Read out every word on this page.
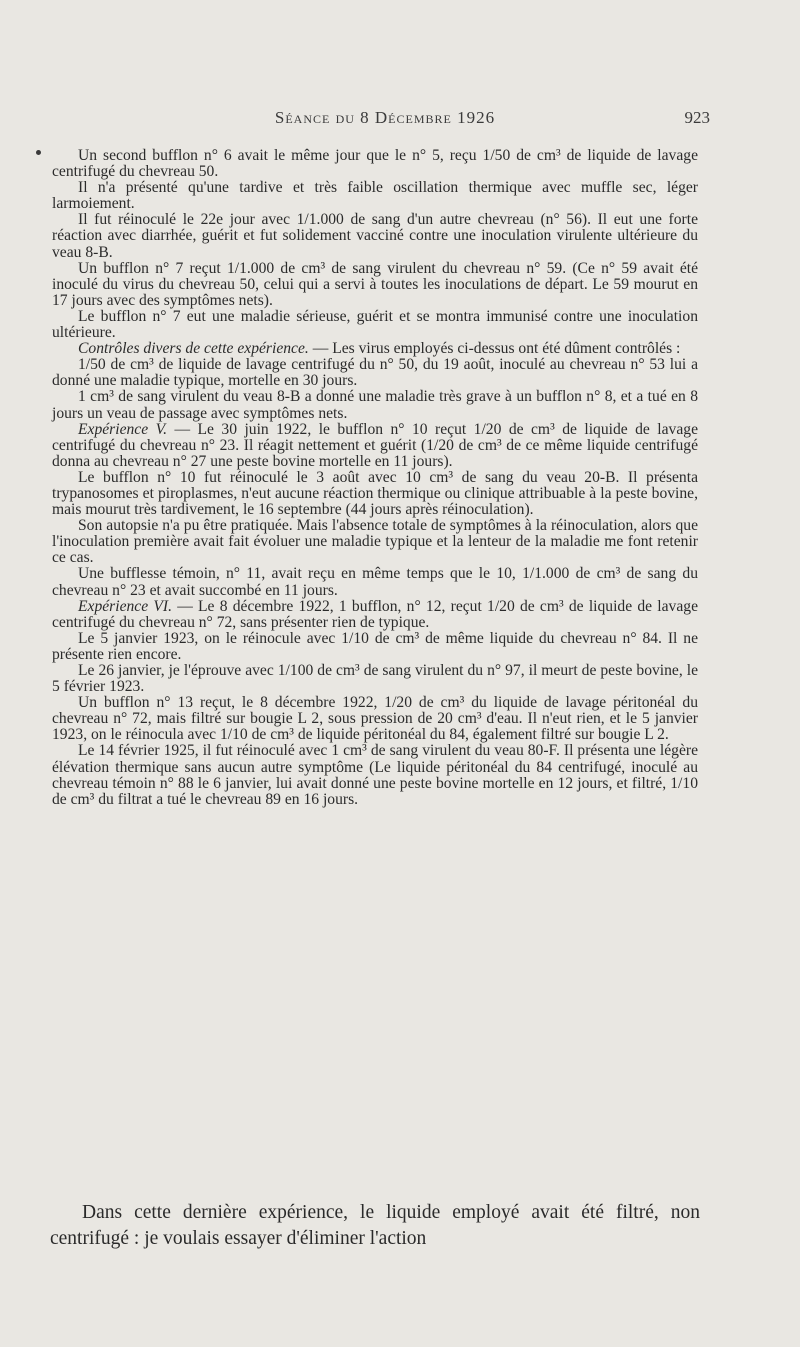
Séance du 8 Décembre 1926	923

Un second bufflon n° 6 avait le même jour que le n° 5, reçu 1/50 de cm³ de liquide de lavage centrifugé du chevreau 50.

Il n'a présenté qu'une tardive et très faible oscillation thermique avec muffle sec, léger larmoiement.

Il fut réinoculé le 22e jour avec 1/1.000 de sang d'un autre chevreau (n° 56). Il eut une forte réaction avec diarrhée, guérit et fut solidement vacciné contre une inoculation virulente ultérieure du veau 8-B.

Un bufflon n° 7 reçut 1/1.000 de cm³ de sang virulent du chevreau n° 59. (Ce n° 59 avait été inoculé du virus du chevreau 50, celui qui a servi à toutes les inoculations de départ. Le 59 mourut en 17 jours avec des symptômes nets).

Le bufflon n° 7 eut une maladie sérieuse, guérit et se montra immunisé contre une inoculation ultérieure.

Contrôles divers de cette expérience. — Les virus employés ci-dessus ont été dûment contrôlés :

1/50 de cm³ de liquide de lavage centrifugé du n° 50, du 19 août, inoculé au chevreau n° 53 lui a donné une maladie typique, mortelle en 30 jours.

1 cm³ de sang virulent du veau 8-B a donné une maladie très grave à un bufflon n° 8, et a tué en 8 jours un veau de passage avec symptômes nets.

Expérience V. — Le 30 juin 1922, le bufflon n° 10 reçut 1/20 de cm³ de liquide de lavage centrifugé du chevreau n° 23. Il réagit nettement et guérit (1/20 de cm³ de ce même liquide centrifugé donna au chevreau n° 27 une peste bovine mortelle en 11 jours).

Le bufflon n° 10 fut réinoculé le 3 août avec 10 cm³ de sang du veau 20-B. Il présenta trypanosomes et piroplasmes, n'eut aucune réaction thermique ou clinique attribuable à la peste bovine, mais mourut très tardivement, le 16 septembre (44 jours après réinoculation).

Son autopsie n'a pu être pratiquée. Mais l'absence totale de symptômes à la réinoculation, alors que l'inoculation première avait fait évoluer une maladie typique et la lenteur de la maladie me font retenir ce cas.

Une bufflesse témoin, n° 11, avait reçu en même temps que le 10, 1/1.000 de cm³ de sang du chevreau n° 23 et avait succombé en 11 jours.

Expérience VI. — Le 8 décembre 1922, 1 bufflon, n° 12, reçut 1/20 de cm³ de liquide de lavage centrifugé du chevreau n° 72, sans présenter rien de typique.

Le 5 janvier 1923, on le réinocule avec 1/10 de cm³ de même liquide du chevreau n° 84. Il ne présente rien encore.

Le 26 janvier, je l'éprouve avec 1/100 de cm³ de sang virulent du n° 97, il meurt de peste bovine, le 5 février 1923.

Un bufflon n° 13 reçut, le 8 décembre 1922, 1/20 de cm³ du liquide de lavage péritonéal du chevreau n° 72, mais filtré sur bougie L 2, sous pression de 20 cm³ d'eau. Il n'eut rien, et le 5 janvier 1923, on le réinocula avec 1/10 de cm³ de liquide péritonéal du 84, également filtré sur bougie L 2.

Le 14 février 1925, il fut réinoculé avec 1 cm³ de sang virulent du veau 80-F. Il présenta une légère élévation thermique sans aucun autre symptôme (Le liquide péritonéal du 84 centrifugé, inoculé au chevreau témoin n° 88 le 6 janvier, lui avait donné une peste bovine mortelle en 12 jours, et filtré, 1/10 de cm³ du filtrat a tué le chevreau 89 en 16 jours.

Dans cette dernière expérience, le liquide employé avait été filtré, non centrifugé : je voulais essayer d'éliminer l'action
